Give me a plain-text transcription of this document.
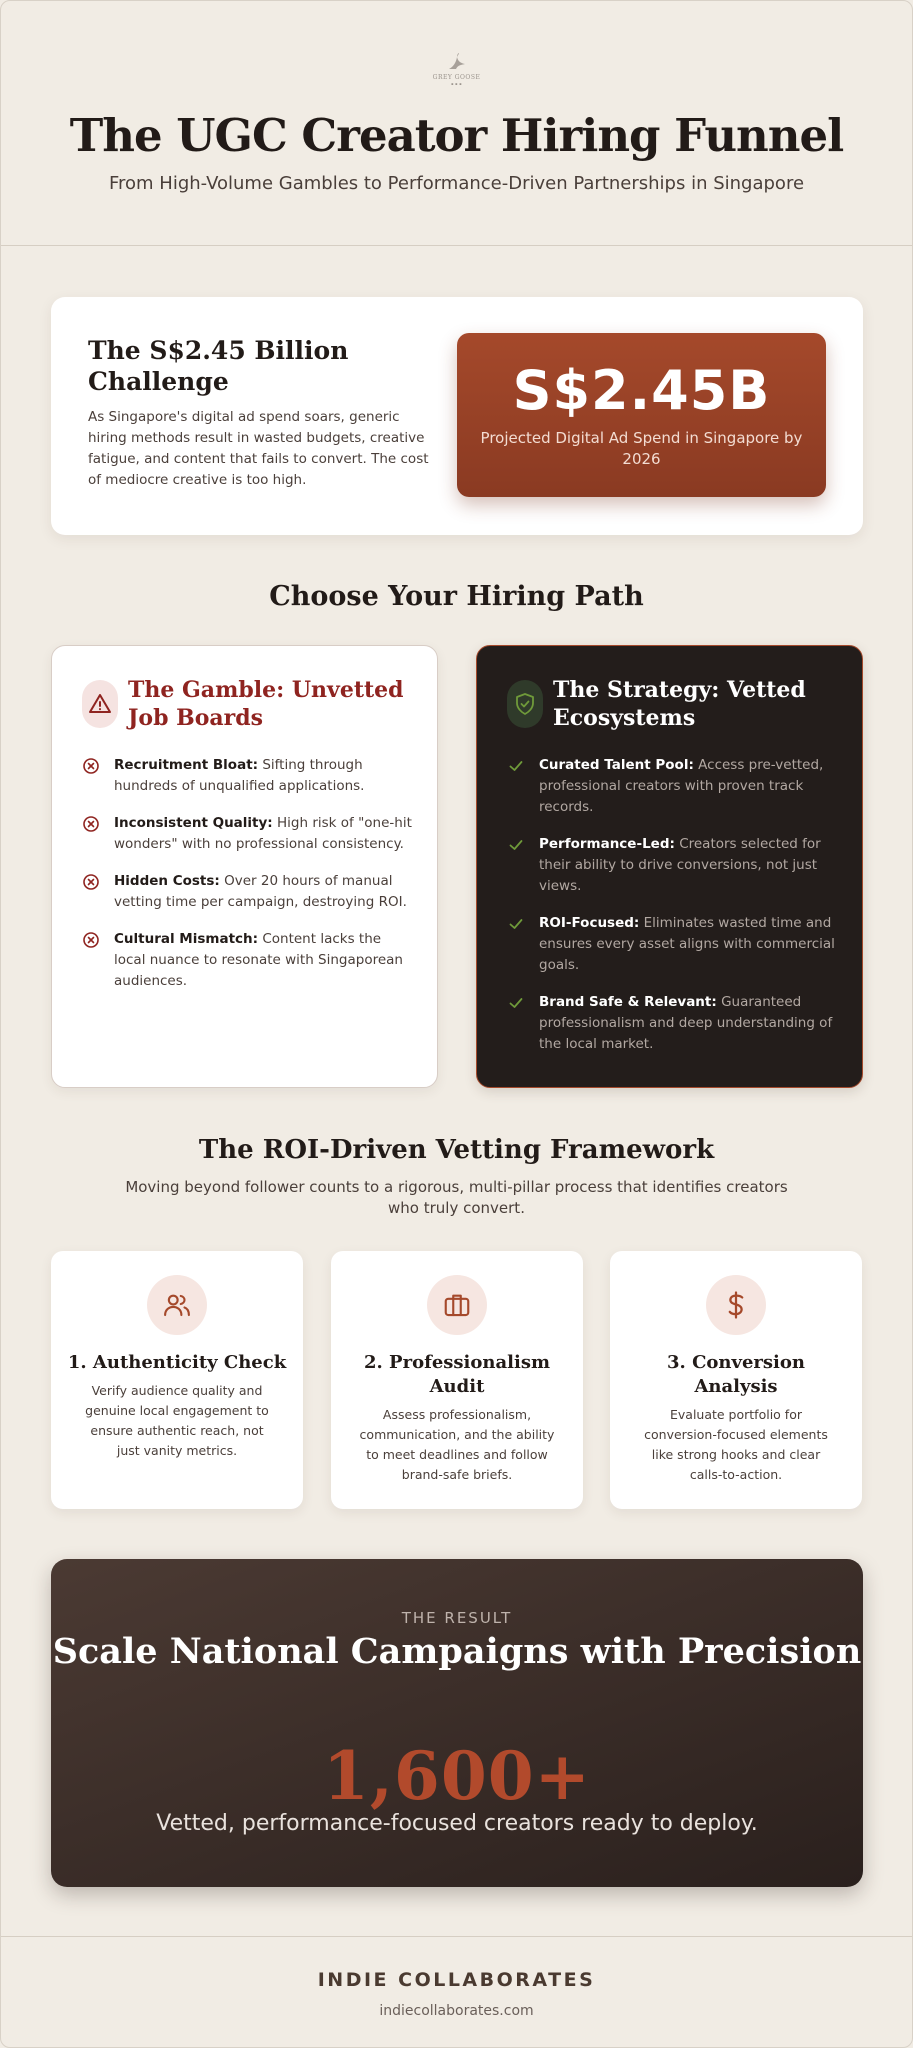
GREY GOOSE
▪ ▪ ▪
The UGC Creator Hiring Funnel
From High-Volume Gambles to Performance-Driven Partnerships in Singapore
The S$2.45 Billion Challenge
As Singapore's digital ad spend soars, generic hiring methods result in wasted budgets, creative fatigue, and content that fails to convert. The cost of mediocre creative is too high.
S$2.45B
Projected Digital Ad Spend in Singapore by 2026
Choose Your Hiring Path
The Gamble: Unvetted Job Boards
Recruitment Bloat: Sifting through hundreds of unqualified applications.
Inconsistent Quality: High risk of "one-hit wonders" with no professional consistency.
Hidden Costs: Over 20 hours of manual vetting time per campaign, destroying ROI.
Cultural Mismatch: Content lacks the local nuance to resonate with Singaporean audiences.
The Strategy: Vetted Ecosystems
Curated Talent Pool: Access pre-vetted, professional creators with proven track records.
Performance-Led: Creators selected for their ability to drive conversions, not just views.
ROI-Focused: Eliminates wasted time and ensures every asset aligns with commercial goals.
Brand Safe & Relevant: Guaranteed professionalism and deep understanding of the local market.
The ROI-Driven Vetting Framework
Moving beyond follower counts to a rigorous, multi-pillar process that identifies creators who truly convert.
1. Authenticity Check
Verify audience quality and genuine local engagement to ensure authentic reach, not just vanity metrics.
2. Professionalism Audit
Assess professionalism, communication, and the ability to meet deadlines and follow brand-safe briefs.
3. Conversion Analysis
Evaluate portfolio for conversion-focused elements like strong hooks and clear calls-to-action.
THE RESULT
Scale National Campaigns with Precision
1,600+
Vetted, performance-focused creators ready to deploy.
INDIE COLLABORATES
indiecollaborates.com
